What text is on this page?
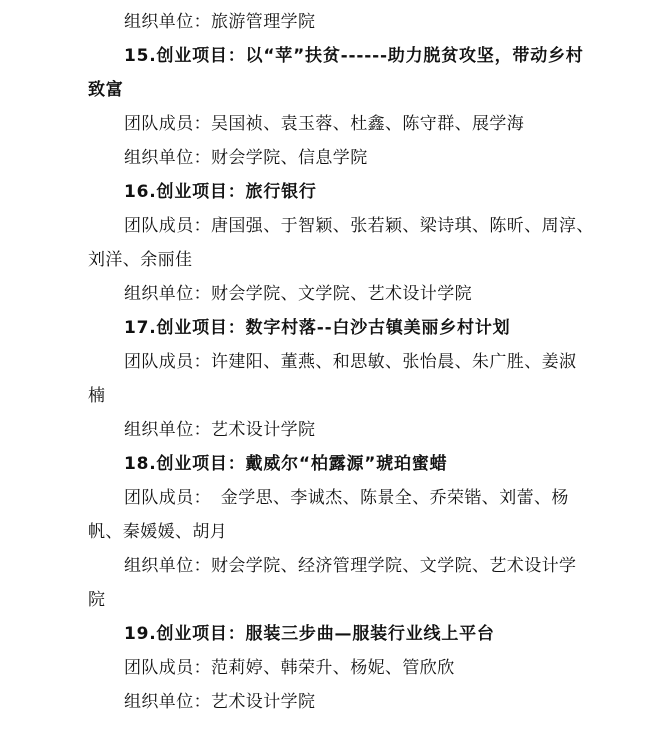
组织单位：旅游管理学院
15.创业项目：以“苹”扶贫------助力脱贫攻坚，带动乡村
致富
团队成员：吴国祯、袁玉蓉、杜鑫、陈守群、展学海
组织单位：财会学院、信息学院
16.创业项目：旅行银行
团队成员：唐国强、于智颖、张若颖、梁诗琪、陈昕、周淳、
刘洋、余丽佳
组织单位：财会学院、文学院、艺术设计学院
17.创业项目：数字村落--白沙古镇美丽乡村计划
团队成员：许建阳、董燕、和思敏、张怡晨、朱广胜、姜淑
楠
组织单位：艺术设计学院
18.创业项目：戴威尔“柏露源”琥珀蜜蜡
团队成员： 金学思、李诚杰、陈景全、乔荣锴、刘蕾、杨
帆、秦媛媛、胡月
组织单位：财会学院、经济管理学院、文学院、艺术设计学
院
19.创业项目：服装三步曲—服装行业线上平台
团队成员：范莉婷、韩荣升、杨妮、管欣欣
组织单位：艺术设计学院
